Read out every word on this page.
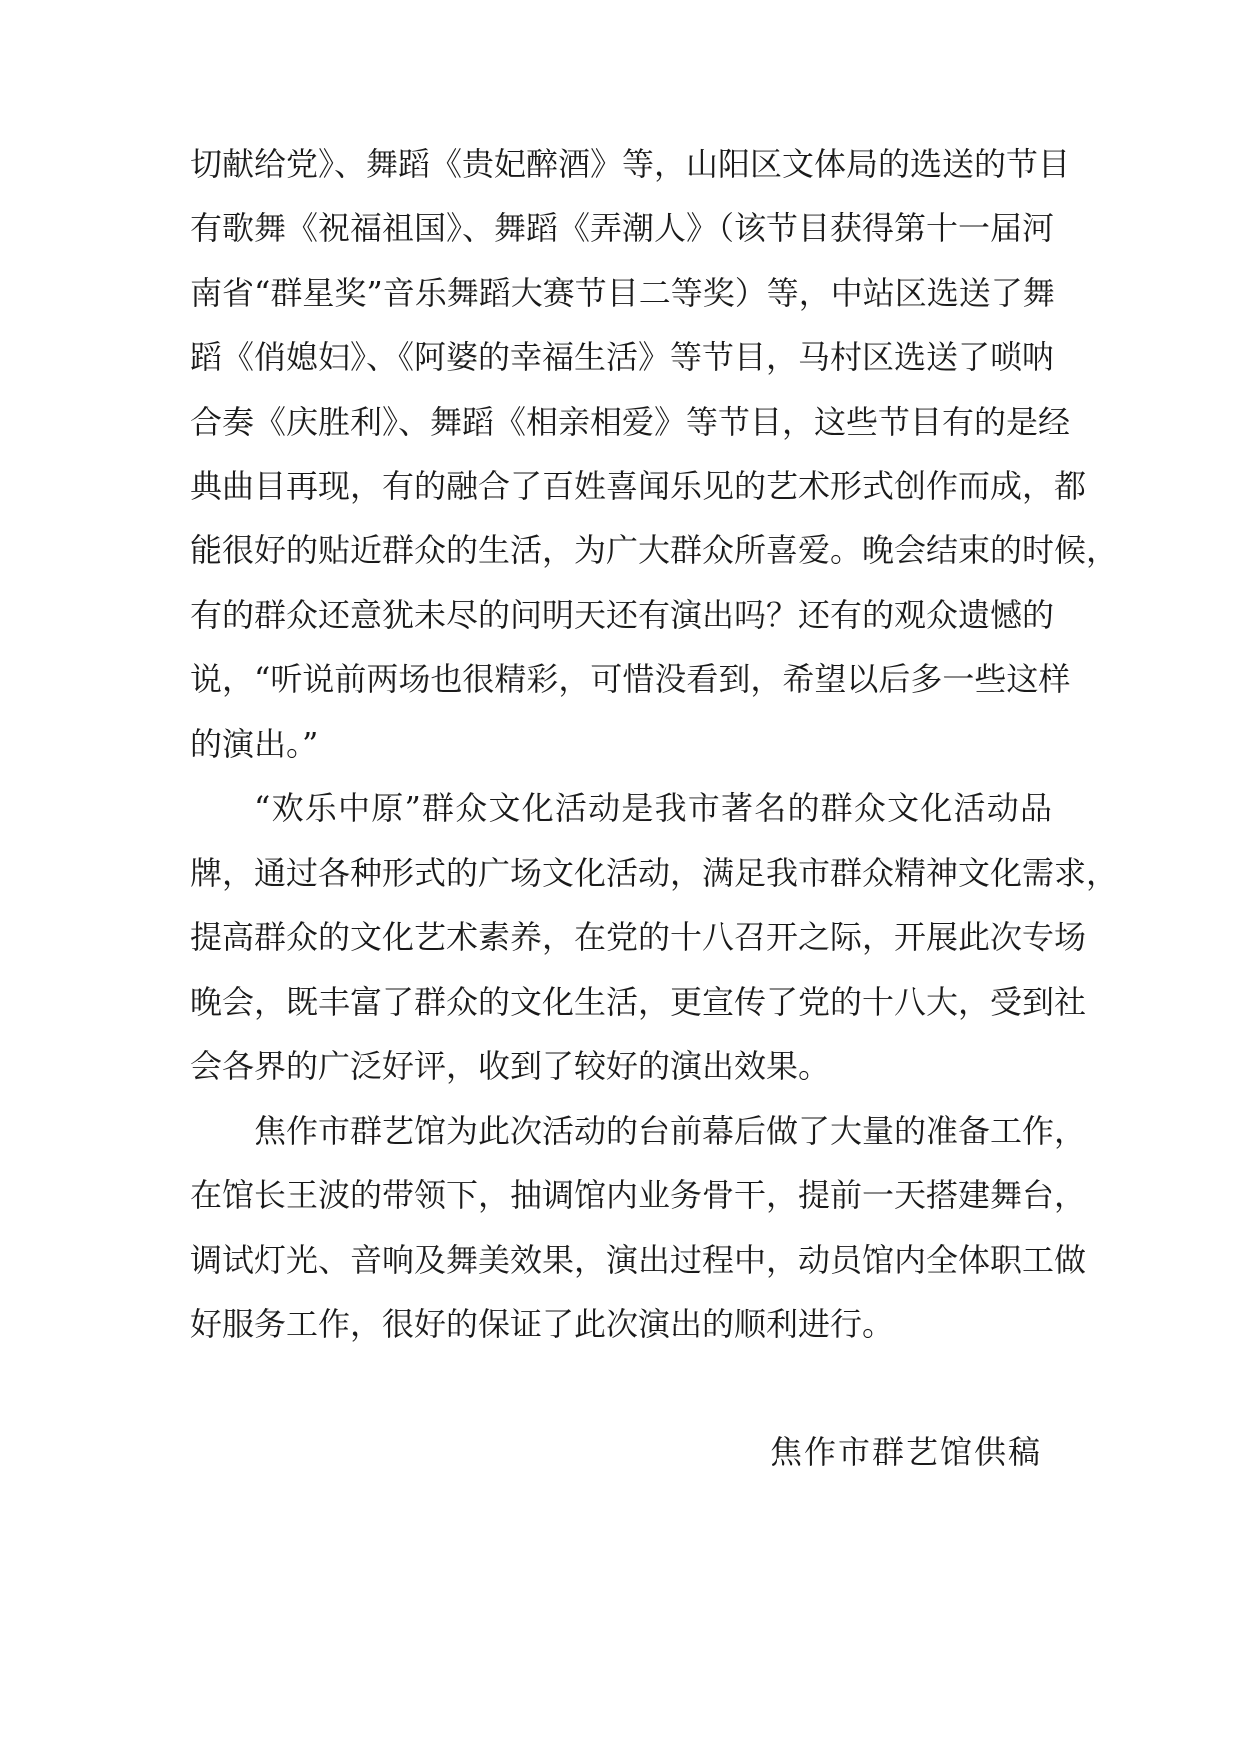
切献给党》、舞蹈《贵妃醉酒》等，山阳区文体局的选送的节目
有歌舞《祝福祖国》、舞蹈《弄潮人》（该节目获得第十一届河
南省“群星奖”音乐舞蹈大赛节目二等奖）等，中站区选送了舞
蹈《俏媳妇》、《阿婆的幸福生活》等节目，马村区选送了唢呐
合奏《庆胜利》、舞蹈《相亲相爱》等节目，这些节目有的是经
典曲目再现，有的融合了百姓喜闻乐见的艺术形式创作而成，都
能很好的贴近群众的生活，为广大群众所喜爱。晚会结束的时候，
有的群众还意犹未尽的问明天还有演出吗？还有的观众遗憾的
说，“听说前两场也很精彩，可惜没看到，希望以后多一些这样
的演出。”
“欢乐中原”群众文化活动是我市著名的群众文化活动品
牌，通过各种形式的广场文化活动，满足我市群众精神文化需求，
提高群众的文化艺术素养，在党的十八召开之际，开展此次专场
晚会，既丰富了群众的文化生活，更宣传了党的十八大，受到社
会各界的广泛好评，收到了较好的演出效果。
焦作市群艺馆为此次活动的台前幕后做了大量的准备工作，
在馆长王波的带领下，抽调馆内业务骨干，提前一天搭建舞台，
调试灯光、音响及舞美效果，演出过程中，动员馆内全体职工做
好服务工作，很好的保证了此次演出的顺利进行。
焦作市群艺馆供稿
